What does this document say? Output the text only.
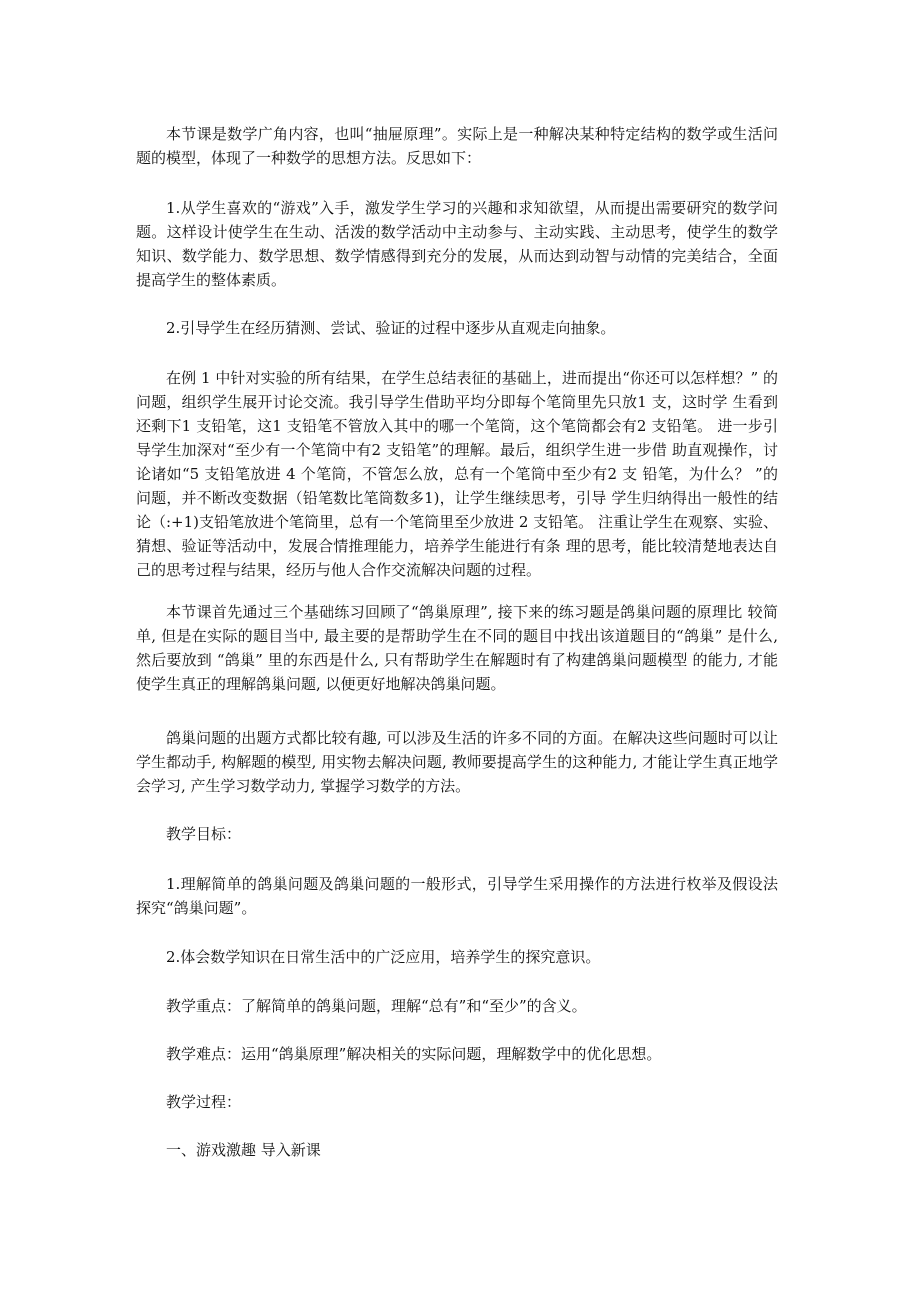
本节课是数学广角内容，也叫“抽屉原理”。实际上是一种解决某种特定结构的数学或生活问题的模型，体现了一种数学的思想方法。反思如下：

1.从学生喜欢的“游戏”入手，激发学生学习的兴趣和求知欲望，从而提出需要研究的数学问题。这样设计使学生在生动、活泼的数学活动中主动参与、主动实践、主动思考，使学生的数学知识、数学能力、数学思想、数学情感得到充分的发展，从而达到动智与动情的完美结合，全面提高学生的整体素质。

2.引导学生在经历猜测、尝试、验证的过程中逐步从直观走向抽象。

在例 1 中针对实验的所有结果，在学生总结表征的基础上，进而提出“你还可以怎样想？” 的问题，组织学生展开讨论交流。我引导学生借助平均分即每个笔筒里先只放1 支，这时学 生看到还剩下1 支铅笔，这1 支铅笔不管放入其中的哪一个笔筒，这个笔筒都会有2 支铅笔。 进一步引导学生加深对“至少有一个笔筒中有2 支铅笔”的理解。最后，组织学生进一步借 助直观操作，讨论诸如“5 支铅笔放进 4 个笔筒，不管怎么放，总有一个笔筒中至少有2 支 铅笔，为什么？ ”的问题，并不断改变数据（铅笔数比笔筒数多1)，让学生继续思考，引导 学生归纳得出一般性的结论（:+1)支铅笔放进个笔筒里，总有一个笔筒里至少放进 2 支铅笔。 注重让学生在观察、实验、猜想、验证等活动中，发展合情推理能力，培养学生能进行有条 理的思考，能比较清楚地表达自己的思考过程与结果，经历与他人合作交流解决问题的过程。

本节课首先通过三个基础练习回顾了“鸽巢原理”, 接下来的练习题是鸽巢问题的原理比 较简单, 但是在实际的题目当中, 最主要的是帮助学生在不同的题目中找出该道题目的“鸽巢” 是什么, 然后要放到 “鸽巢” 里的东西是什么, 只有帮助学生在解题时有了构建鸽巢问题模型 的能力, 才能使学生真正的理解鸽巢问题, 以便更好地解决鸽巢问题。

鸽巢问题的出题方式都比较有趣, 可以涉及生活的许多不同的方面。在解决这些问题时可以让学生都动手, 构解题的模型, 用实物去解决问题, 教师要提高学生的这种能力, 才能让学生真正地学会学习, 产生学习数学动力, 掌握学习数学的方法。

教学目标：

1.理解简单的鸽巢问题及鸽巢问题的一般形式，引导学生采用操作的方法进行枚举及假设法探究“鸽巢问题”。

2.体会数学知识在日常生活中的广泛应用，培养学生的探究意识。

教学重点：了解简单的鸽巢问题，理解“总有”和“至少”的含义。

教学难点：运用“鸽巢原理”解决相关的实际问题，理解数学中的优化思想。

教学过程：

一、游戏激趣 导入新课
